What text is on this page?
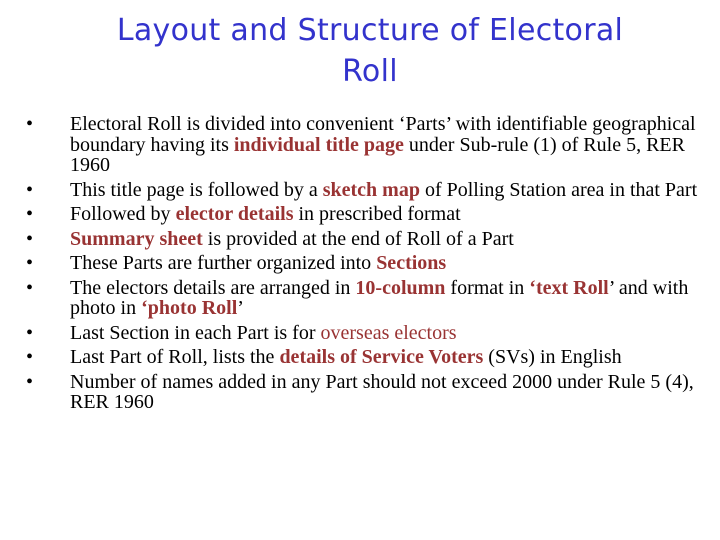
Layout and Structure of Electoral
Roll
•	Electoral Roll is divided into convenient ‘Parts’ with identifiable geographical boundary having its individual title page under Sub-rule (1) of Rule 5, RER 1960
•	This title page is followed by a sketch map of Polling Station area in that Part
•	Followed by elector details in prescribed format
•	Summary sheet is provided at the end of Roll of a Part
•	These Parts are further organized into Sections
•	The electors details are arranged in 10-column format in ‘text Roll’ and with photo in ‘photo Roll’
•	Last Section in each Part is for overseas electors
•	Last Part of Roll, lists the details of Service Voters (SVs) in English
•	Number of names added in any Part should not exceed 2000 under Rule 5 (4), RER 1960
